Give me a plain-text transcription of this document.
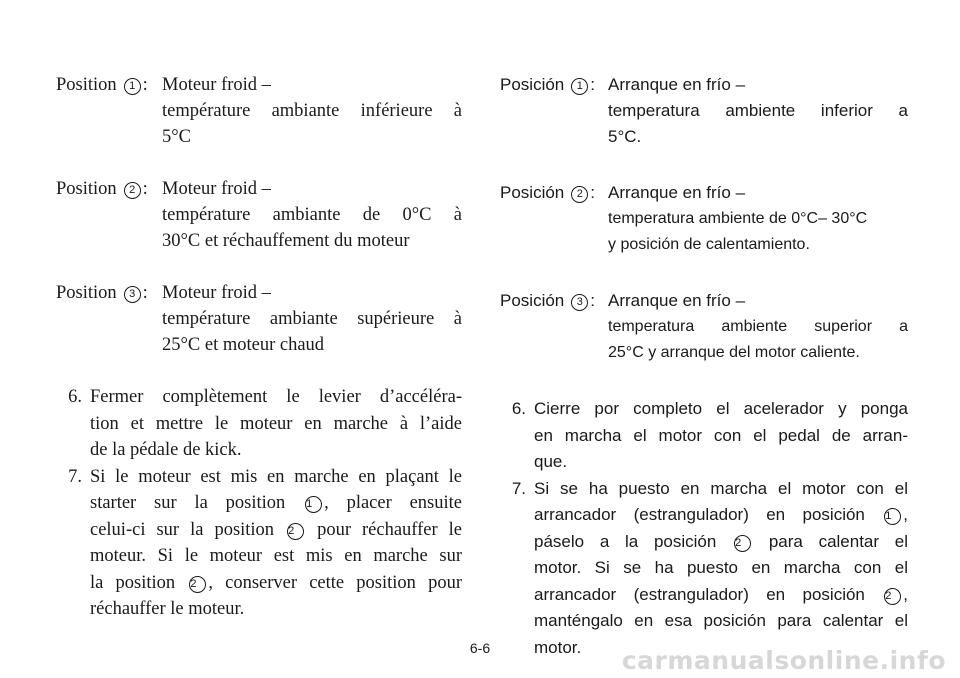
Position 1 : Moteur froid –
température ambiante inférieure à
5°C
Position 2 : Moteur froid –
température ambiante de 0°C à
30°C et réchauffement du moteur
Position 3 : Moteur froid –
température ambiante supérieure à
25°C et moteur chaud
6. Fermer complètement le levier d’accéléra-
tion et mettre le moteur en marche à l’aide
de la pédale de kick.
7. Si le moteur est mis en marche en plaçant le
starter sur la position 1 , placer ensuite
celui-ci sur la position 2 pour réchauffer le
moteur. Si le moteur est mis en marche sur
la position 2 , conserver cette position pour
réchauffer le moteur.
Posición 1 : Arranque en frío –
temperatura ambiente inferior a
5°C.
Posición 2 : Arranque en frío –
temperatura ambiente de 0°C– 30°C
y posición de calentamiento.
Posición 3 : Arranque en frío –
temperatura ambiente superior a
25°C y arranque del motor caliente.
6. Cierre por completo el acelerador y ponga
en marcha el motor con el pedal de arran-
que.
7. Si se ha puesto en marcha el motor con el
arrancador (estrangulador) en posición 1 ,
páselo a la posición 2 para calentar el
motor. Si se ha puesto en marcha con el
arrancador (estrangulador) en posición 2 ,
manténgalo en esa posición para calentar el
motor.
6-6	carmanualsonline.info
